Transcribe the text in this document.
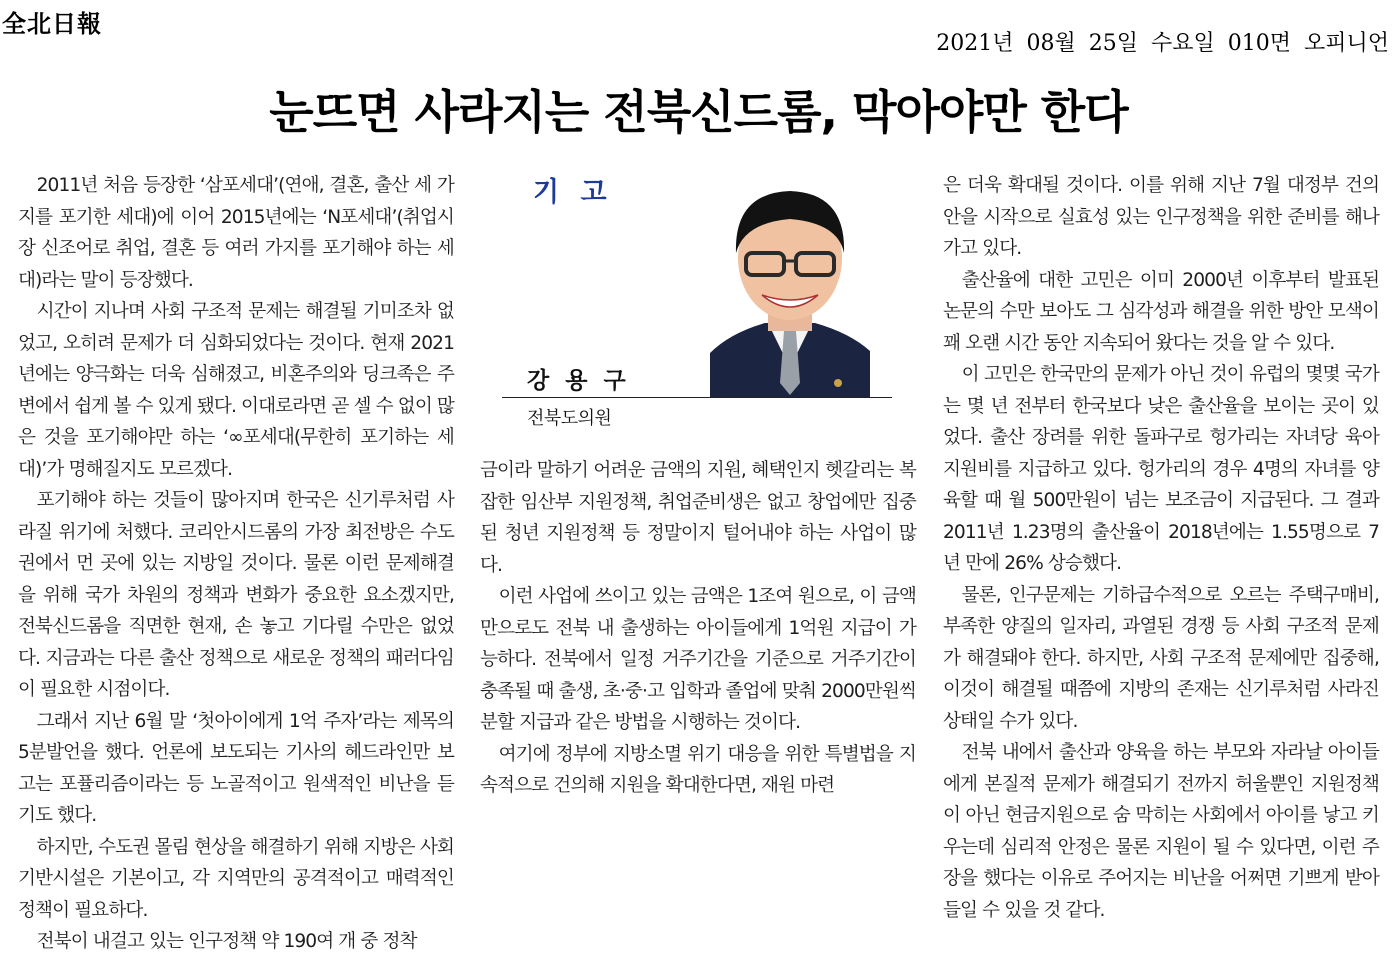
全北日報
2021년 08월 25일 수요일 010면 오피니언
눈뜨면 사라지는 전북신드롬, 막아야만 한다

2011년 처음 등장한 ‘삼포세대’(연애, 결혼, 출산 세 가지를 포기한 세대)에 이어 2015년에는 ‘N포세대’(취업시장 신조어로 취업, 결혼 등 여러 가지를 포기해야 하는 세대)라는 말이 등장했다.

시간이 지나며 사회 구조적 문제는 해결될 기미조차 없었고, 오히려 문제가 더 심화되었다는 것이다. 현재 2021년에는 양극화는 더욱 심해졌고, 비혼주의와 딩크족은 주변에서 쉽게 볼 수 있게 됐다. 이대로라면 곧 셀 수 없이 많은 것을 포기해야만 하는 ‘∞포세대(무한히 포기하는 세대)’가 명해질지도 모르겠다.

포기해야 하는 것들이 많아지며 한국은 신기루처럼 사라질 위기에 처했다. 코리안시드롬의 가장 최전방은 수도권에서 먼 곳에 있는 지방일 것이다. 물론 이런 문제해결을 위해 국가 차원의 정책과 변화가 중요한 요소겠지만, 전북신드롬을 직면한 현재, 손 놓고 기다릴 수만은 없었다. 지금과는 다른 출산 정책으로 새로운 정책의 패러다임이 필요한 시점이다.

그래서 지난 6월 말 ‘첫아이에게 1억 주자’라는 제목의 5분발언을 했다. 언론에 보도되는 기사의 헤드라인만 보고는 포퓰리즘이라는 등 노골적이고 원색적인 비난을 듣기도 했다.

하지만, 수도권 몰림 현상을 해결하기 위해 지방은 사회기반시설은 기본이고, 각 지역만의 공격적이고 매력적인 정책이 필요하다.

전북이 내걸고 있는 인구정책 약 190여 개 중 정착

기 고
강 용 구
전북도의원

금이라 말하기 어려운 금액의 지원, 혜택인지 헷갈리는 복잡한 임산부 지원정책, 취업준비생은 없고 창업에만 집중된 청년 지원정책 등 정말이지 털어내야 하는 사업이 많다.

이런 사업에 쓰이고 있는 금액은 1조여 원으로, 이 금액만으로도 전북 내 출생하는 아이들에게 1억원 지급이 가능하다. 전북에서 일정 거주기간을 기준으로 거주기간이 충족될 때 출생, 초·중·고 입학과 졸업에 맞춰 2000만원씩 분할 지급과 같은 방법을 시행하는 것이다.

여기에 정부에 지방소멸 위기 대응을 위한 특별법을 지속적으로 건의해 지원을 확대한다면, 재원 마련

은 더욱 확대될 것이다. 이를 위해 지난 7월 대정부 건의안을 시작으로 실효성 있는 인구정책을 위한 준비를 해나가고 있다.

출산율에 대한 고민은 이미 2000년 이후부터 발표된 논문의 수만 보아도 그 심각성과 해결을 위한 방안 모색이 꽤 오랜 시간 동안 지속되어 왔다는 것을 알 수 있다.

이 고민은 한국만의 문제가 아닌 것이 유럽의 몇몇 국가는 몇 년 전부터 한국보다 낮은 출산율을 보이는 곳이 있었다. 출산 장려를 위한 돌파구로 헝가리는 자녀당 육아 지원비를 지급하고 있다. 헝가리의 경우 4명의 자녀를 양육할 때 월 500만원이 넘는 보조금이 지급된다. 그 결과 2011년 1.23명의 출산율이 2018년에는 1.55명으로 7년 만에 26% 상승했다.

물론, 인구문제는 기하급수적으로 오르는 주택구매비, 부족한 양질의 일자리, 과열된 경쟁 등 사회 구조적 문제가 해결돼야 한다. 하지만, 사회 구조적 문제에만 집중해, 이것이 해결될 때쯤에 지방의 존재는 신기루처럼 사라진 상태일 수가 있다.

전북 내에서 출산과 양육을 하는 부모와 자라날 아이들에게 본질적 문제가 해결되기 전까지 허울뿐인 지원정책이 아닌 현금지원으로 숨 막히는 사회에서 아이를 낳고 키우는데 심리적 안정은 물론 지원이 될 수 있다면, 이런 주장을 했다는 이유로 주어지는 비난을 어쩌면 기쁘게 받아들일 수 있을 것 같다.
